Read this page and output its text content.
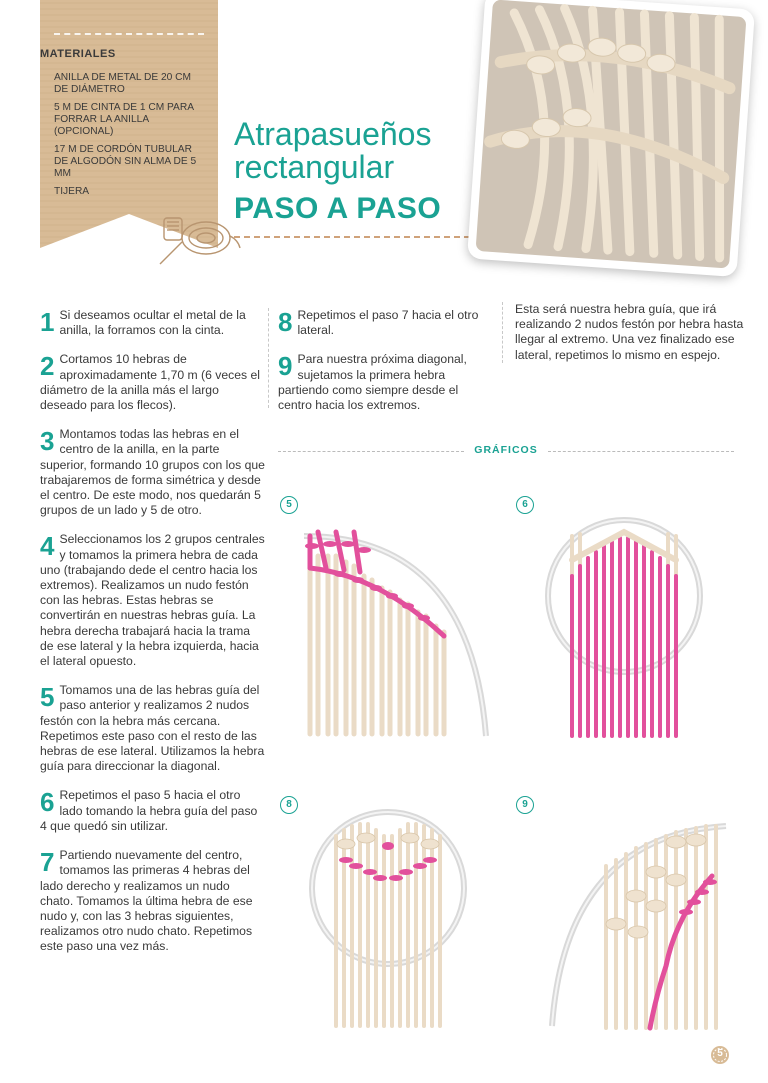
MATERIALES
ANILLA DE METAL DE 20 CM DE DIÁMETRO
5 M DE CINTA DE 1 CM PARA FORRAR LA ANILLA (OPCIONAL)
17 M DE CORDÓN TUBULAR DE ALGODÓN SIN ALMA DE 5 MM
TIJERA
Atrapasueños
rectangular
PASO A PASO
1 Si deseamos ocultar el metal de la anilla, la forramos con la cinta.
2 Cortamos 10 hebras de aproximadamente 1,70 m (6 veces el diámetro de la anilla más el largo deseado para los flecos).
3 Montamos todas las hebras en el centro de la anilla, en la parte superior, formando 10 grupos con los que trabajaremos de forma simétrica y desde el centro. De este modo, nos quedarán 5 grupos de un lado y 5 de otro.
4 Seleccionamos los 2 grupos centrales y tomamos la primera hebra de cada uno (trabajando dede el centro hacia los extremos). Realizamos un nudo festón con las hebras. Estas hebras se convertirán en nuestras hebras guía. La hebra derecha trabajará hacia la trama de ese lateral y la hebra izquierda, hacia el lateral opuesto.
5 Tomamos una de las hebras guía del paso anterior y realizamos 2 nudos festón con la hebra más cercana. Repetimos este paso con el resto de las hebras de ese lateral. Utilizamos la hebra guía para direccionar la diagonal.
6 Repetimos el paso 5 hacia el otro lado tomando la hebra guía del paso 4 que quedó sin utilizar.
7 Partiendo nuevamente del centro, tomamos las primeras 4 hebras del lado derecho y realizamos un nudo chato. Tomamos la última hebra de ese nudo y, con las 3 hebras siguientes, realizamos otro nudo chato. Repetimos este paso una vez más.
8 Repetimos el paso 7 hacia el otro lateral.
9 Para nuestra próxima diagonal, sujetamos la primera hebra partiendo como siempre desde el centro hacia los extremos.
Esta será nuestra hebra guía, que irá realizando 2 nudos festón por hebra hasta llegar al extremo. Una vez finalizado ese lateral, repetimos lo mismo en espejo.
GRÁFICOS
5	6
8	9
5
